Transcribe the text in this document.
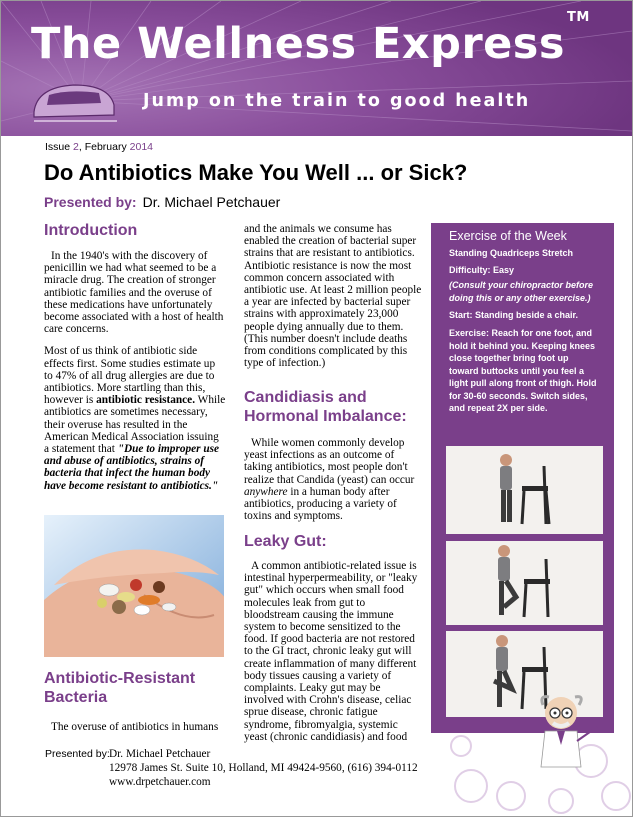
The Wellness Express™
Jump on the train to good health
Issue 2, February 2014
Do Antibiotics Make You Well ... or Sick?
Presented by: Dr. Michael Petchauer
Introduction

In the 1940's with the discovery of penicillin we had what seemed to be a miracle drug. The creation of stronger antibiotic families and the overuse of these medications have unfortunately become associated with a host of health care concerns.

Most of us think of antibiotic side effects first. Some studies estimate up to 47% of all drug allergies are due to antibiotics. More startling than this, however is antibiotic resistance. While antibiotics are sometimes necessary, their overuse has resulted in the American Medical Association issuing a statement that "Due to improper use and abuse of antibiotics, strains of bacteria that infect the human body have become resistant to antibiotics."

Antibiotic-Resistant Bacteria

The overuse of antibiotics in humans

and the animals we consume has enabled the creation of bacterial super strains that are resistant to antibiotics. Antibiotic resistance is now the most common concern associated with antibiotic use. At least 2 million people a year are infected by bacterial super strains with approximately 23,000 people dying annually due to them. (This number doesn't include deaths from conditions complicated by this type of infection.)

Candidiasis and Hormonal Imbalance:

While women commonly develop yeast infections as an outcome of taking antibiotics, most people don't realize that Candida (yeast) can occur anywhere in a human body after antibiotics, producing a variety of toxins and symptoms.

Leaky Gut:

A common antibiotic-related issue is intestinal hyperpermeability, or "leaky gut" which occurs when small food molecules leak from gut to bloodstream causing the immune system to become sensitized to the food. If good bacteria are not restored to the GI tract, chronic leaky gut will create inflammation of many different body tissues causing a variety of complaints. Leaky gut may be involved with Crohn's disease, celiac sprue disease, chronic fatigue syndrome, fibromyalgia, systemic yeast (chronic candidiasis) and food

Exercise of the Week
Standing Quadriceps Stretch
Difficulty: Easy
(Consult your chiropractor before doing this or any other exercise.)
Start: Standing beside a chair.
Exercise: Reach for one foot, and hold it behind you. Keeping knees close together bring foot up toward buttocks until you feel a light pull along front of thigh. Hold for 30-60 seconds. Switch sides, and repeat 2X per side.
Presented by:Dr. Michael Petchauer
12978 James St. Suite 10, Holland, MI 49424-9560, (616) 394-0112
www.drpetchauer.com
